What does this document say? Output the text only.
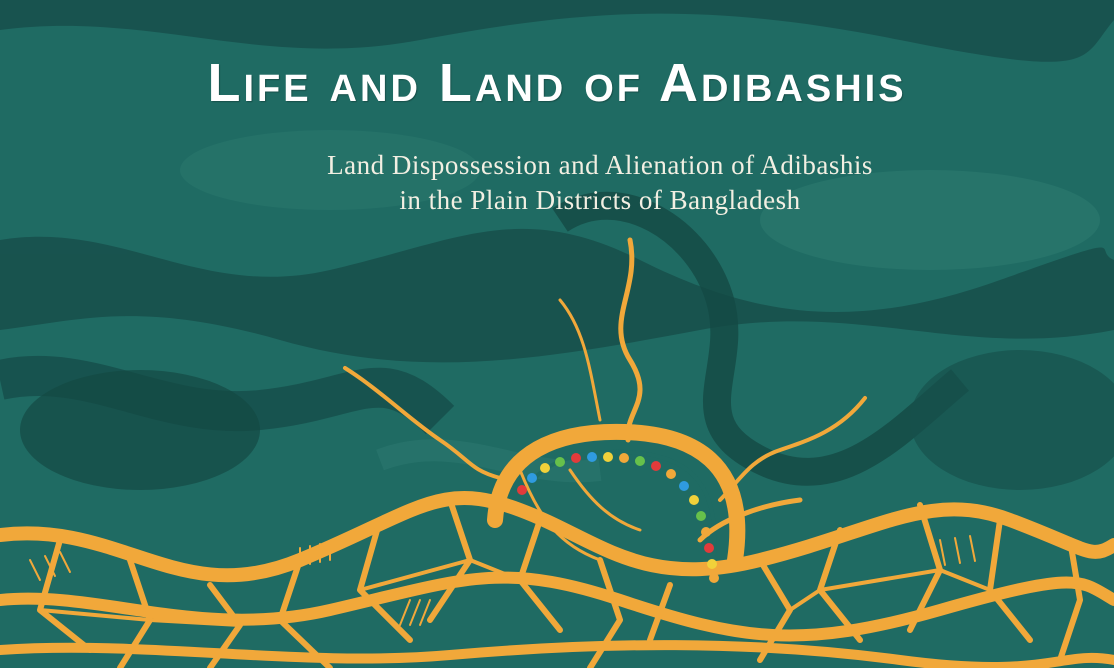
Life and Land of Adibashis
Land Dispossession and Alienation of Adibashis
in the Plain Districts of Bangladesh
